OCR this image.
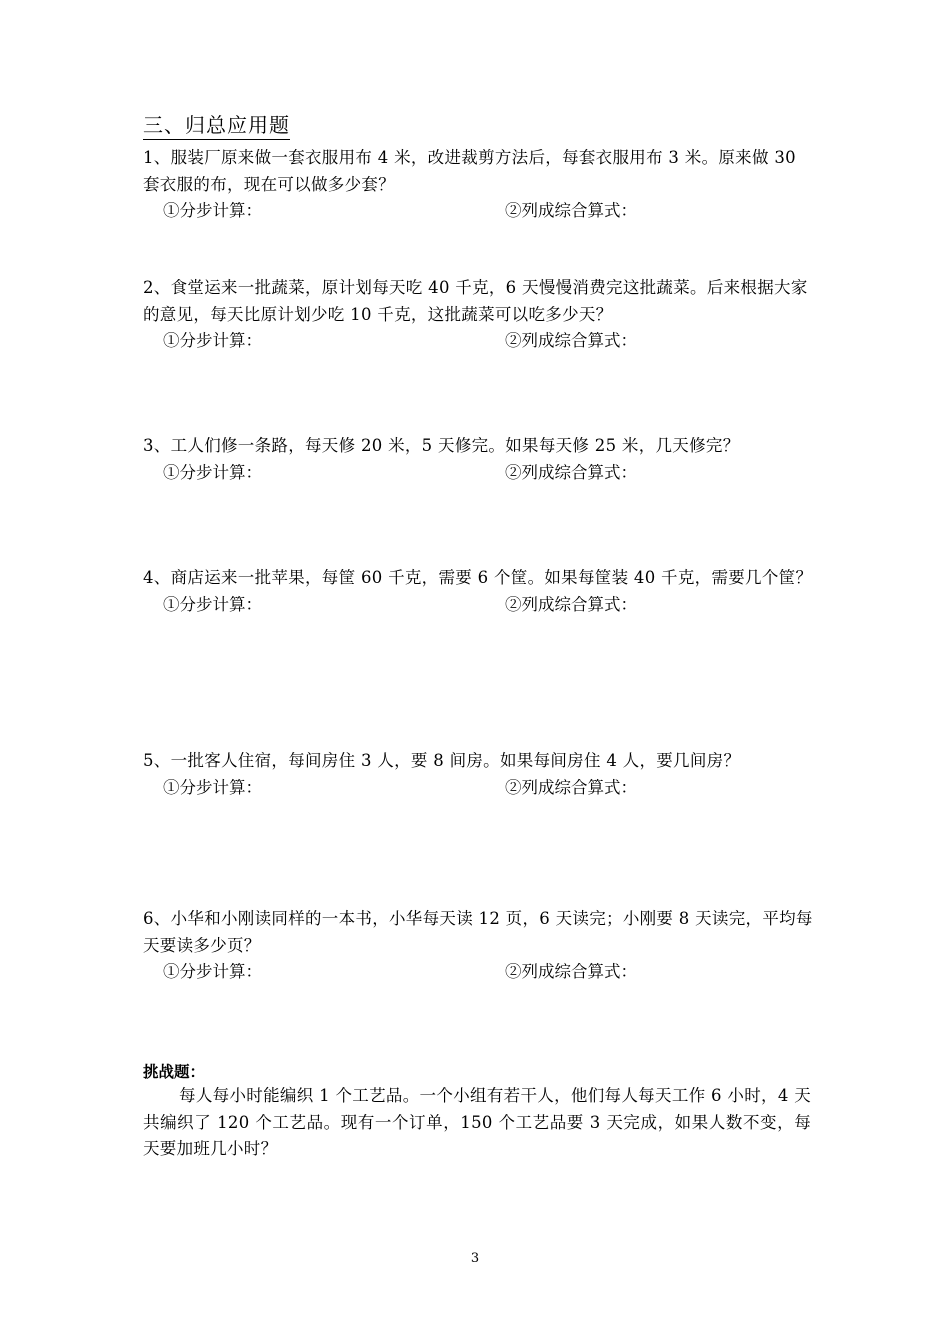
三、归总应用题

1、服装厂原来做一套衣服用布 4 米，改进裁剪方法后，每套衣服用布 3 米。原来做 30 套衣服的布，现在可以做多少套？

①分步计算：	②列成综合算式：

2、食堂运来一批蔬菜，原计划每天吃 40 千克，6 天慢慢消费完这批蔬菜。后来根据大家的意见，每天比原计划少吃 10 千克，这批蔬菜可以吃多少天？

①分步计算：	②列成综合算式：

3、工人们修一条路，每天修 20 米，5 天修完。如果每天修 25 米，几天修完？

①分步计算：	②列成综合算式：

4、商店运来一批苹果，每筐 60 千克，需要 6 个筐。如果每筐装 40 千克，需要几个筐？

①分步计算：	②列成综合算式：

5、一批客人住宿，每间房住 3 人，要 8 间房。如果每间房住 4 人，要几间房？

①分步计算：	②列成综合算式：

6、小华和小刚读同样的一本书，小华每天读 12 页，6 天读完；小刚要 8 天读完，平均每天要读多少页？

①分步计算：	②列成综合算式：
挑战题：

每人每小时能编织 1 个工艺品。一个小组有若干人，他们每人每天工作 6 小时，4 天共编织了 120 个工艺品。现有一个订单，150 个工艺品要 3 天完成，如果人数不变，每天要加班几小时？

3
